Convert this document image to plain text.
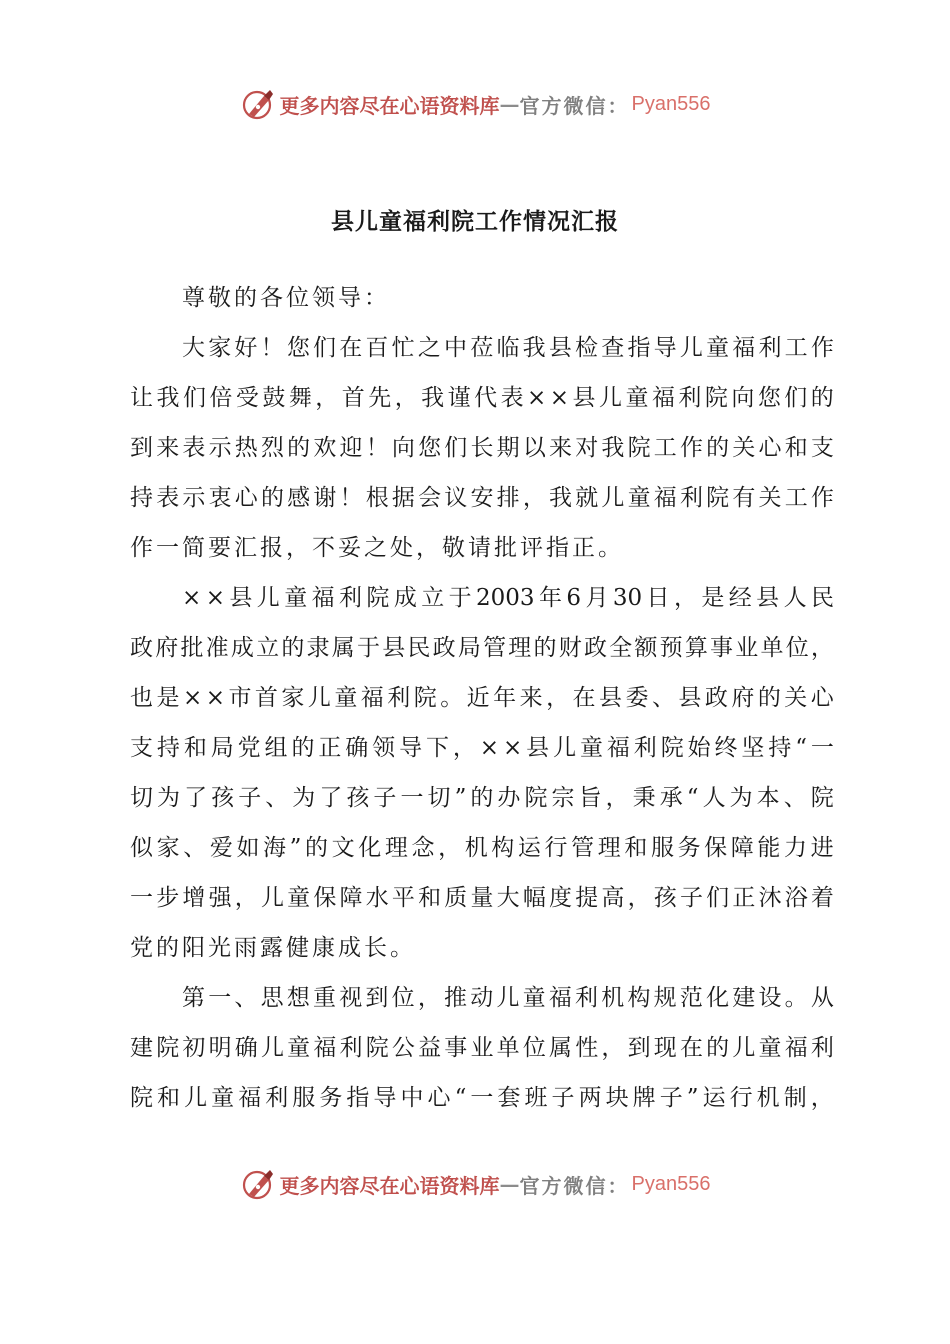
更多内容尽在心语资料库 — 官方微信： Pyan556
县儿童福利院工作情况汇报
尊敬的各位领导：
大 家 好 ！ 您 们 在 百 忙 之 中 莅 临 我 县 检 查 指 导 儿 童 福 利 工 作
让 我 们 倍 受 鼓 舞 ， 首 先 ， 我 谨 代 表 × × 县 儿 童 福 利 院 向 您 们 的
到 来 表 示 热 烈 的 欢 迎 ！ 向 您 们 长 期 以 来 对 我 院 工 作 的 关 心 和 支
持 表 示 衷 心 的 感 谢 ！ 根 据 会 议 安 排 ， 我 就 儿 童 福 利 院 有 关 工 作
作一简要汇报，不妥之处，敬请批评指正。
× × 县 儿 童 福 利 院 成 立 于 2003 年 6 月 30 日 ， 是 经 县 人 民
政 府 批 准 成 立 的 隶 属 于 县 民 政 局 管 理 的 财 政 全 额 预 算 事 业 单 位 ，
也 是 × × 市 首 家 儿 童 福 利 院 。 近 年 来 ， 在 县 委 、 县 政 府 的 关 心
支 持 和 局 党 组 的 正 确 领 导 下 ， × × 县 儿 童 福 利 院 始 终 坚 持 “ 一
切 为 了 孩 子 、 为 了 孩 子 一 切 ” 的 办 院 宗 旨 ， 秉 承 “ 人 为 本 、 院
似 家 、 爱 如 海 ” 的 文 化 理 念 ， 机 构 运 行 管 理 和 服 务 保 障 能 力 进
一 步 增 强 ， 儿 童 保 障 水 平 和 质 量 大 幅 度 提 高 ， 孩 子 们 正 沐 浴 着
党的阳光雨露健康成长。
第 一 、 思 想 重 视 到 位 ， 推 动 儿 童 福 利 机 构 规 范 化 建 设 。 从
建 院 初 明 确 儿 童 福 利 院 公 益 事 业 单 位 属 性 ， 到 现 在 的 儿 童 福 利
院 和 儿 童 福 利 服 务 指 导 中 心 “ 一 套 班 子 两 块 牌 子 ” 运 行 机 制 ，
更多内容尽在心语资料库 — 官方微信： Pyan556
